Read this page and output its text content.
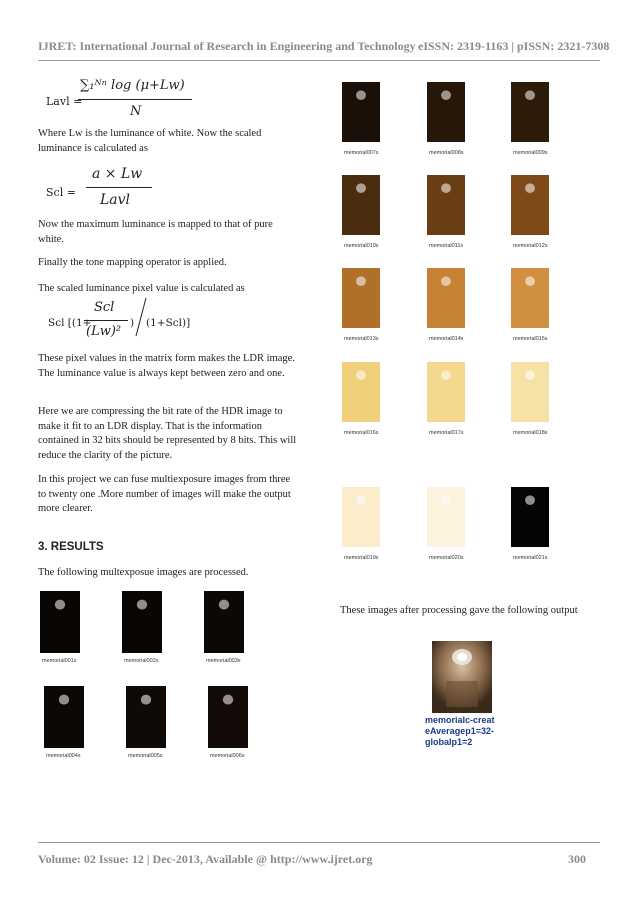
IJRET: International Journal of Research in Engineering and Technology eISSN: 2319-1163 | pISSN: 2321-7308
Lavl =
∑₁ᴺⁿ log (μ+Lw)
N
Where Lw is the luminance of white. Now the scaled luminance is calculated as
Scl =
a × Lw
Lavl
Now the maximum luminance is mapped to that of pure white.
Finally the tone mapping operator is applied.
The scaled luminance pixel value is calculated as
Scl [(1+
Scl
(Lw)²
) (1+Scl)]
These pixel values in the matrix form makes the LDR image. The luminance value is always kept between zero and one.
Here we are compressing the bit rate of the HDR image to make it fit to an LDR display. That is the information contained in 32 bits should be represented by 8 bits. This will reduce the clarity of the picture.
In this project we can fuse multiexposure images from three to twenty one .More number of images will make the output more clearer.
3. RESULTS
The following multexposue images are processed.
These images after processing gave the following output
memorial001s	memorial002s	memorial003s
memorial004s	memorial005s	memorial006s
memorial007s	memorial008s	memorial009s
memorial010s	memorial011s	memorial012s
memorial013s	memorial014s	memorial015s
memorial016s	memorial017s	memorial018s
memorial019s	memorial020s	memorial021s
memorialc-creat
eAveragep1=32-
globalp1=2
Volume: 02 Issue: 12 | Dec-2013, Available @ http://www.ijret.org	300
